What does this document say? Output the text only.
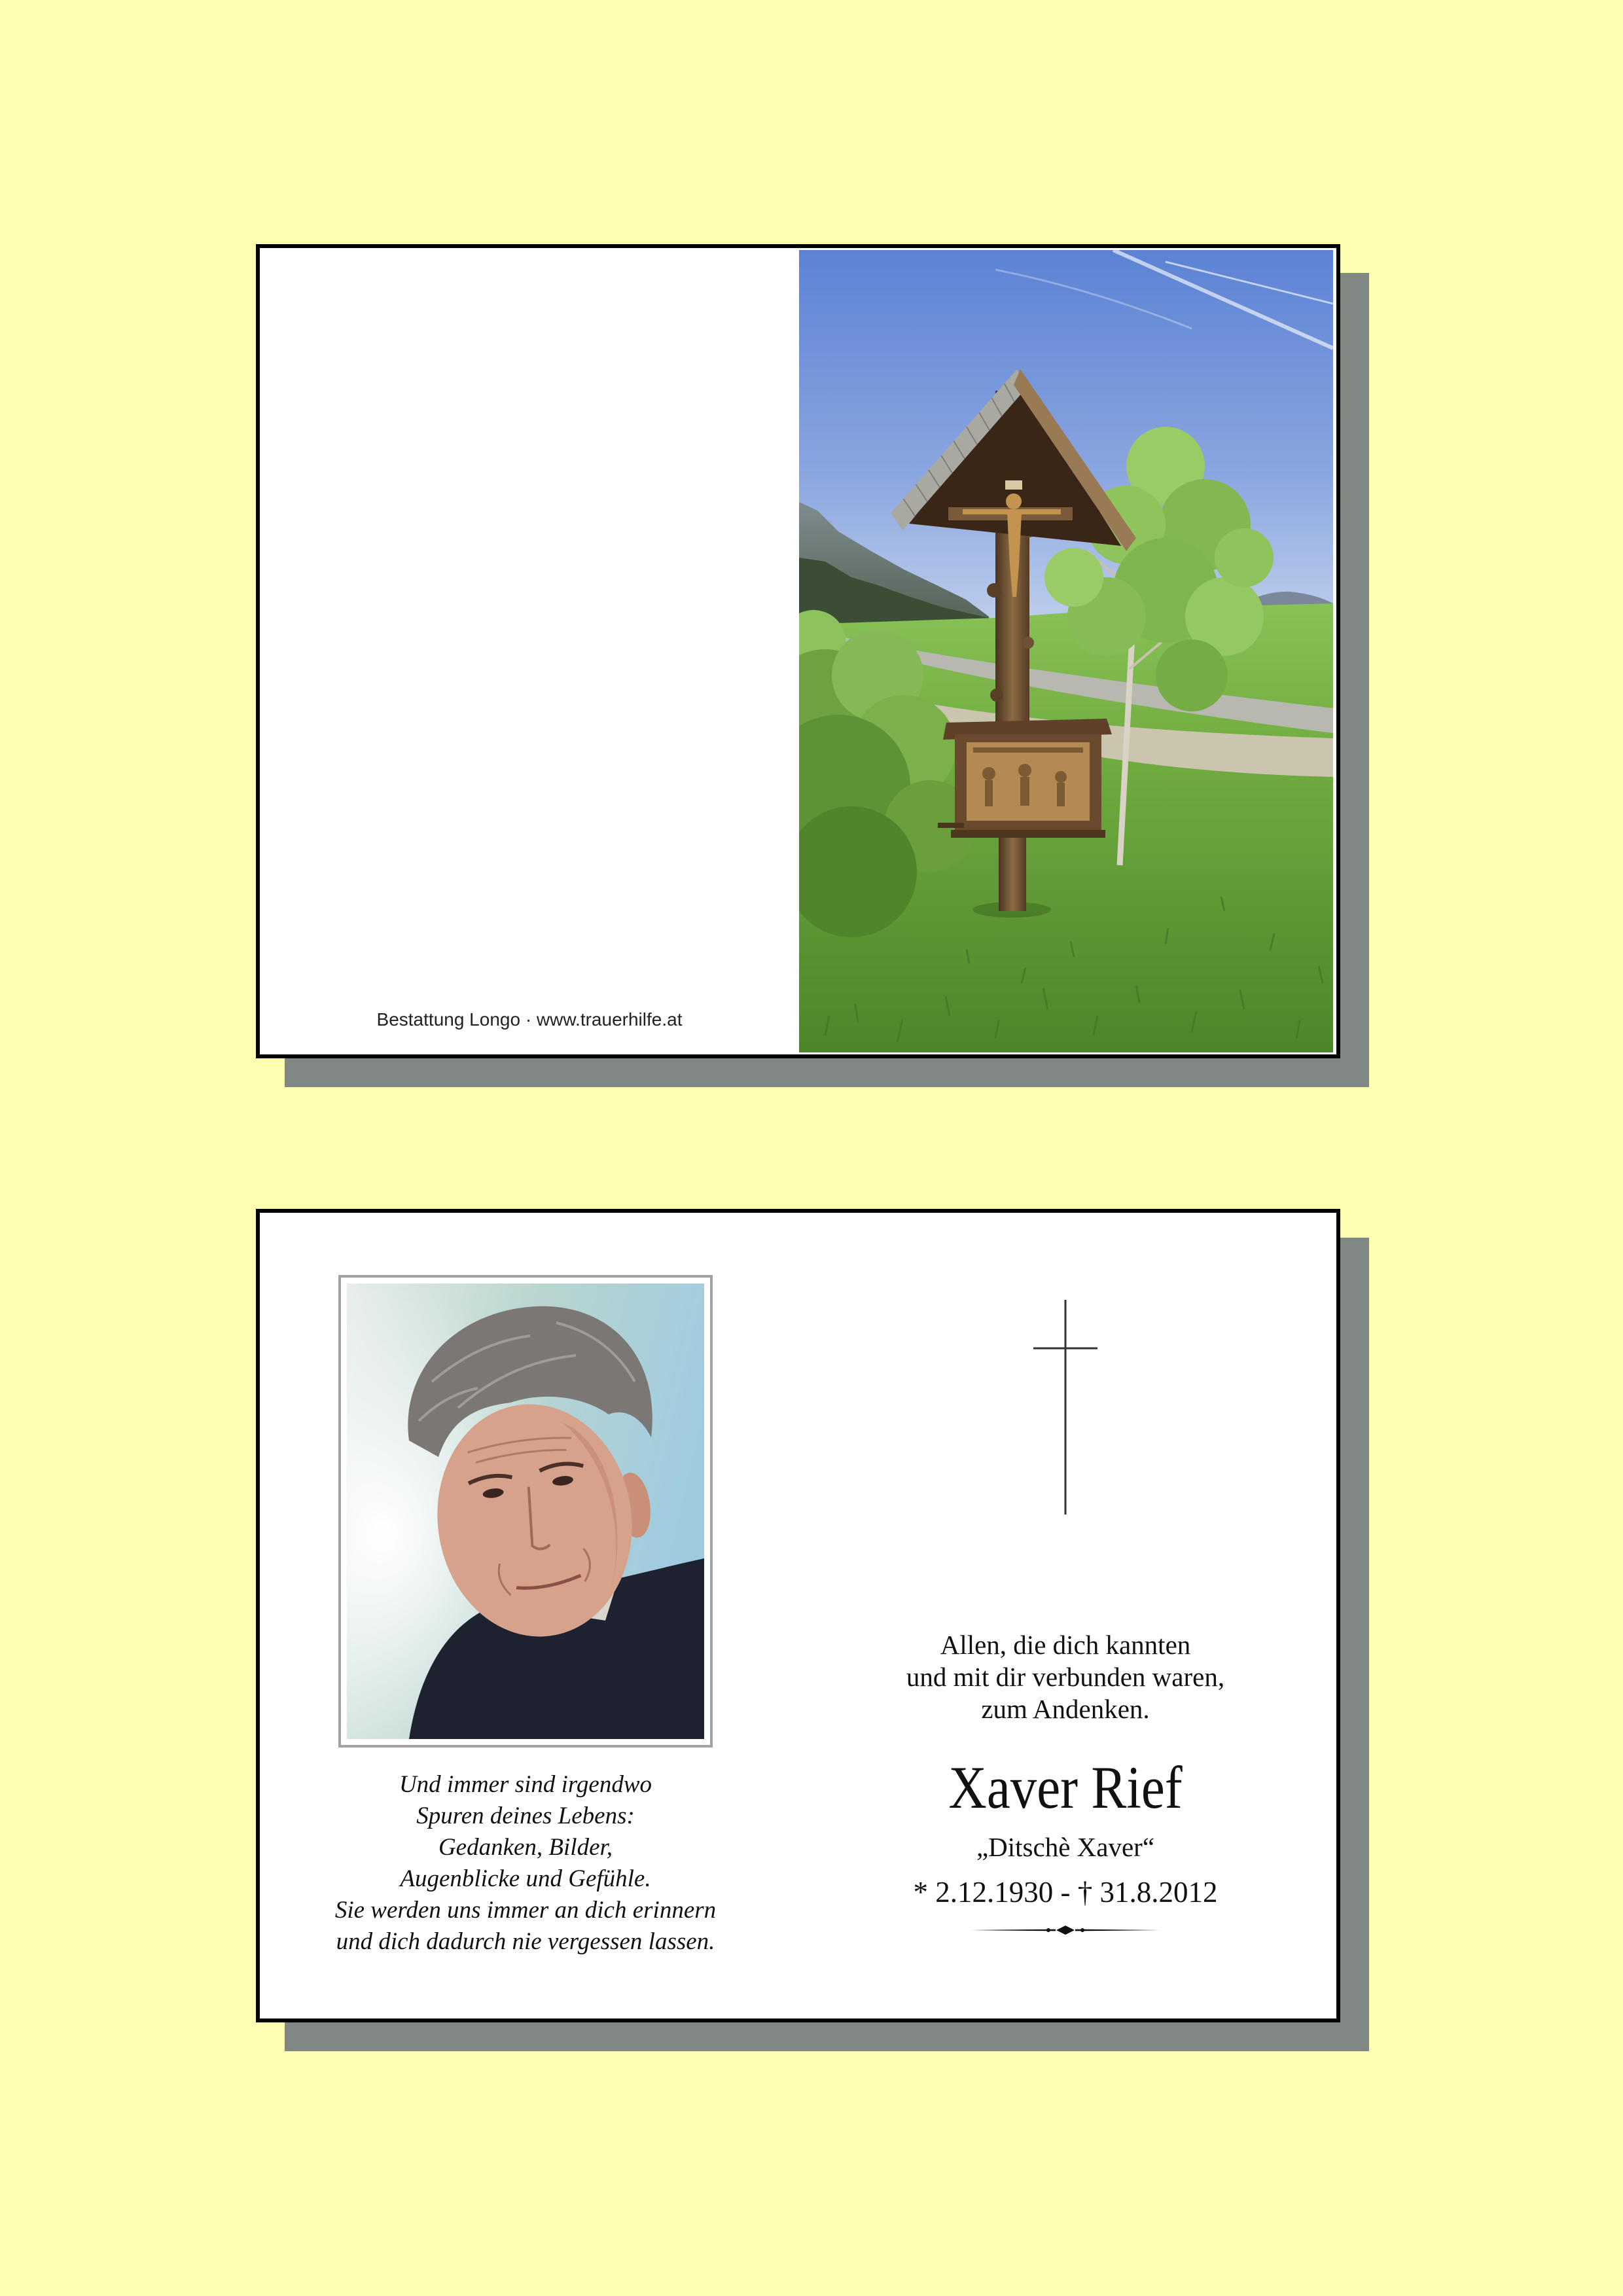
Bestattung Longo · www.trauerhilfe.at
Und immer sind irgendwo
Spuren deines Lebens:
Gedanken, Bilder,
Augenblicke und Gefühle.
Sie werden uns immer an dich erinnern
und dich dadurch nie vergessen lassen.
Allen, die dich kannten
und mit dir verbunden waren,
zum Andenken.
Xaver Rief
„Ditschè Xaver“
* 2.12.1930 - † 31.8.2012
